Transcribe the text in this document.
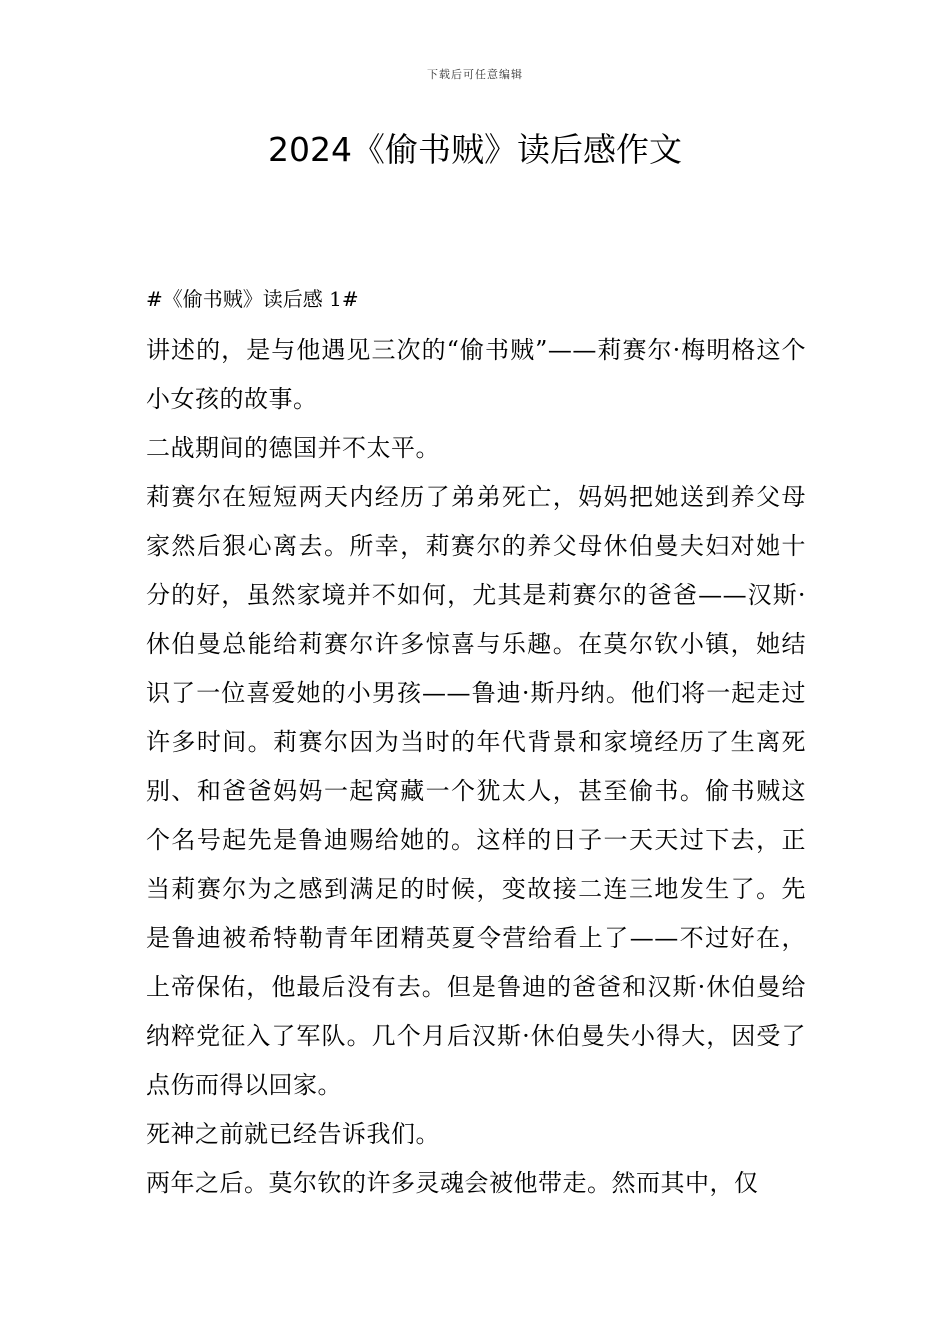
下载后可任意编辑
2024《偷书贼》读后感作文
#《偷书贼》读后感 1#

讲述的，是与他遇见三次的“偷书贼”——莉赛尔·梅明格这个小女孩的故事。

二战期间的德国并不太平。

莉赛尔在短短两天内经历了弟弟死亡，妈妈把她送到养父母家然后狠心离去。所幸，莉赛尔的养父母休伯曼夫妇对她十分的好，虽然家境并不如何，尤其是莉赛尔的爸爸——汉斯·休伯曼总能给莉赛尔许多惊喜与乐趣。在莫尔钦小镇，她结识了一位喜爱她的小男孩——鲁迪·斯丹纳。他们将一起走过许多时间。莉赛尔因为当时的年代背景和家境经历了生离死别、和爸爸妈妈一起窝藏一个犹太人，甚至偷书。偷书贼这个名号起先是鲁迪赐给她的。这样的日子一天天过下去，正当莉赛尔为之感到满足的时候，变故接二连三地发生了。先是鲁迪被希特勒青年团精英夏令营给看上了——不过好在，上帝保佑，他最后没有去。但是鲁迪的爸爸和汉斯·休伯曼给纳粹党征入了军队。几个月后汉斯·休伯曼失小得大，因受了点伤而得以回家。

死神之前就已经告诉我们。

两年之后。莫尔钦的许多灵魂会被他带走。然而其中，仅
